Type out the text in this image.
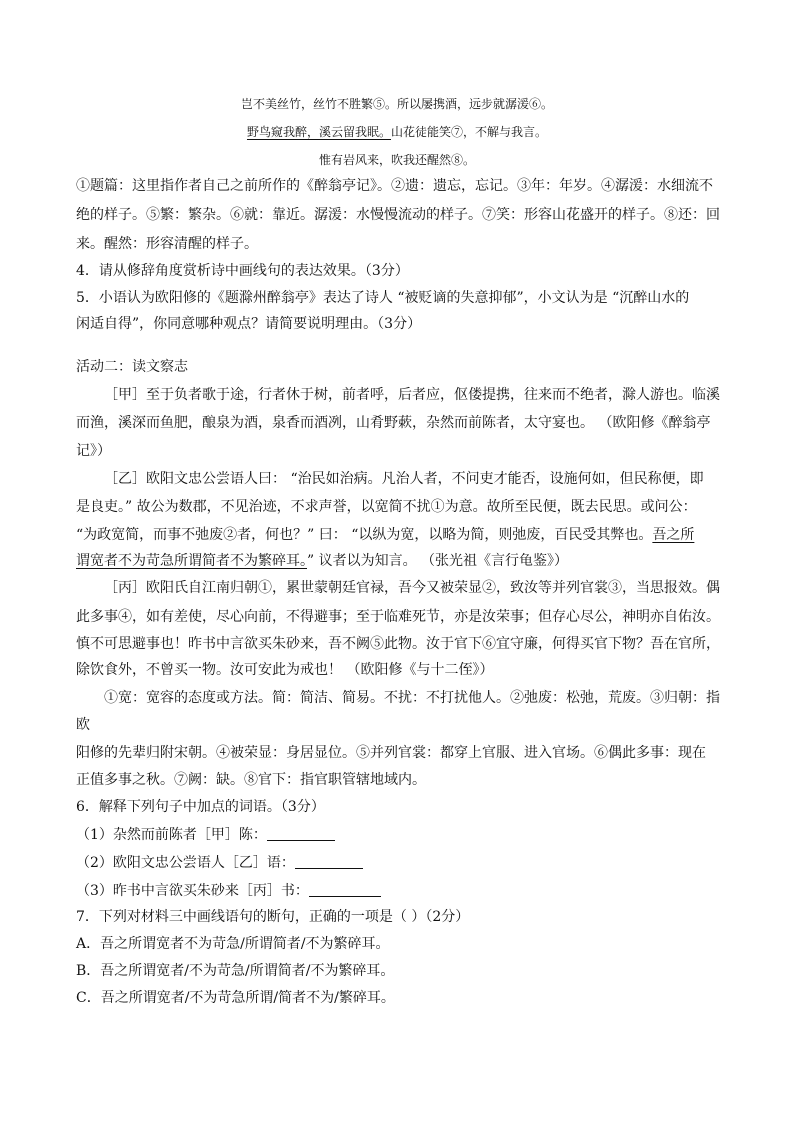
岂不美丝竹，丝竹不胜繁⑤。所以屡携酒，远步就潺湲⑥。
野鸟窥我醉，溪云留我眠。山花徒能笑⑦，不解与我言。
惟有岩风来，吹我还醒然⑧。
①题篇：这里指作者自己之前所作的《醉翁亭记》。②遗：遗忘，忘记。③年：年岁。④潺湲：水细流不
绝的样子。⑤繁：繁杂。⑥就：靠近。潺湲：水慢慢流动的样子。⑦笑：形容山花盛开的样子。⑧还：回
来。醒然：形容清醒的样子。
4．请从修辞角度赏析诗中画线句的表达效果。（3分）
5．小语认为欧阳修的《题滁州醉翁亭》表达了诗人 “被贬谪的失意抑郁”，小文认为是 “沉醉山水的
闲适自得”，你同意哪种观点？请简要说明理由。（3分）
活动二：读文察志
［甲］至于负者歌于途，行者休于树，前者呼，后者应，伛偻提携，往来而不绝者，滁人游也。临溪
而渔，溪深而鱼肥，酿泉为酒，泉香而酒冽，山肴野蔌，杂然而前陈者，太守宴也。 （欧阳修《醉翁亭
记》）
［乙］欧阳文忠公尝语人曰： “治民如治病。凡治人者，不问吏才能否，设施何如，但民称便，即
是良吏。” 故公为数郡，不见治迹，不求声誉，以宽简不扰①为意。故所至民便，既去民思。或问公：
“为政宽简，而事不弛废②者，何也？” 曰： “以纵为宽，以略为简，则弛废，百民受其弊也。吾之所
谓宽者不为苛急所谓简者不为繁碎耳。” 议者以为知言。 （张光祖《言行龟鉴》）
［丙］欧阳氏自江南归朝①，累世蒙朝廷官禄，吾今又被荣显②，致汝等并列官裳③，当思报效。偶
此多事④，如有差使，尽心向前，不得避事；至于临难死节，亦是汝荣事；但存心尽公，神明亦自佑汝。
慎不可思避事也！昨书中言欲买朱砂来，吾不阙⑤此物。汝于官下⑥宜守廉，何得买官下物？吾在官所，
除饮食外，不曾买一物。汝可安此为戒也！ （欧阳修《与十二侄》）
①宽：宽容的态度或方法。简：简洁、简易。不扰：不打扰他人。②弛废：松弛，荒废。③归朝：指
欧
阳修的先辈归附宋朝。④被荣显：身居显位。⑤并列官裳：都穿上官服、进入官场。⑥偶此多事：现在
正值多事之秋。⑦阙：缺。⑧官下：指官职管辖地域内。
6．解释下列句子中加点的词语。（3分）
（1）杂然而前陈者［甲］陈：
（2）欧阳文忠公尝语人［乙］语：
（3）昨书中言欲买朱砂来［丙］书：
7．下列对材料三中画线语句的断句，正确的一项是（ ）（2分）
A．吾之所谓宽者不为苛急/所谓简者/不为繁碎耳。
B．吾之所谓宽者/不为苛急/所谓简者/不为繁碎耳。
C．吾之所谓宽者/不为苛急所谓/简者不为/繁碎耳。
